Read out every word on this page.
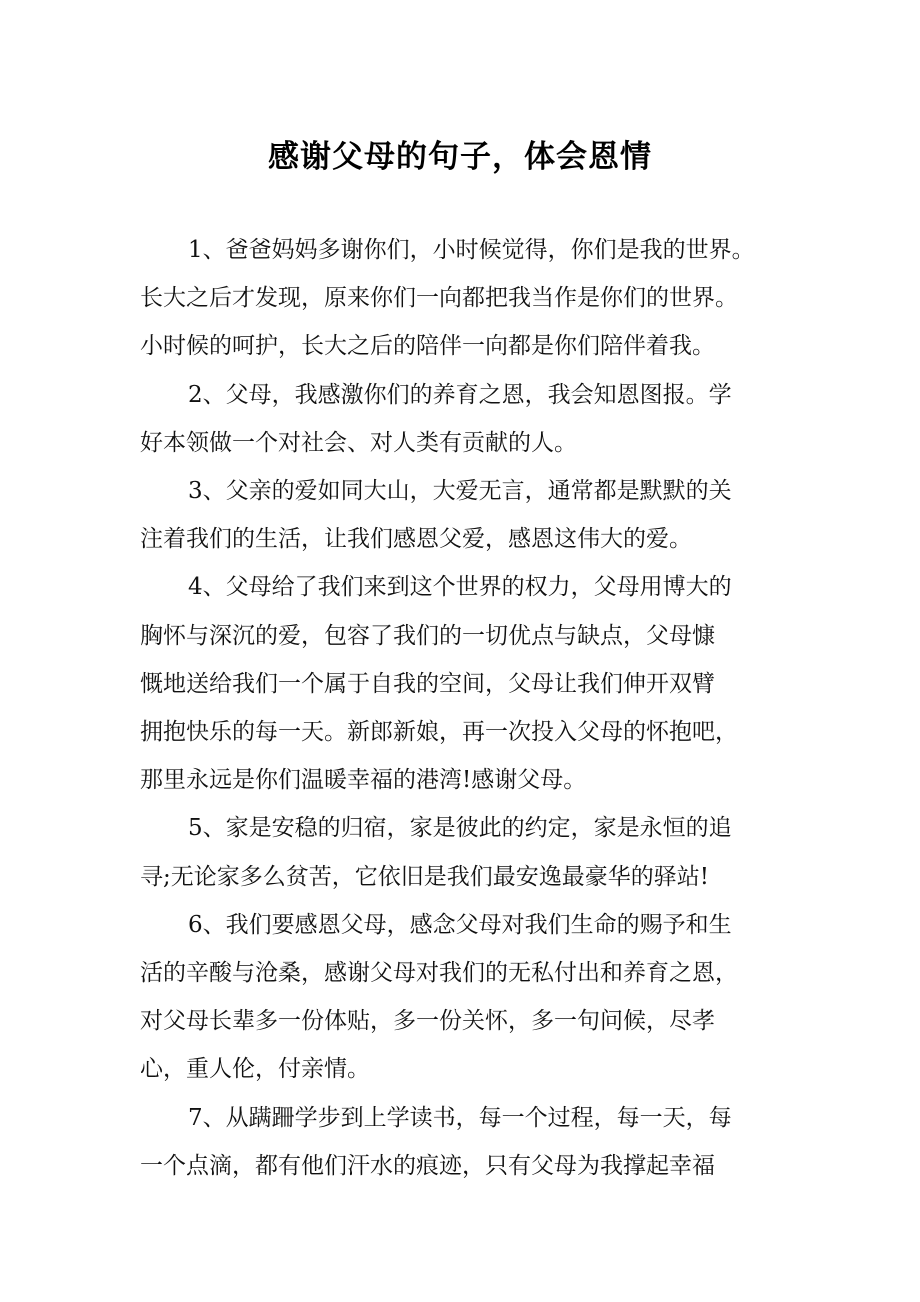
感谢父母的句子，体会恩情

1、爸爸妈妈多谢你们，小时候觉得，你们是我的世界。
长大之后才发现，原来你们一向都把我当作是你们的世界。
小时候的呵护，长大之后的陪伴一向都是你们陪伴着我。

2、父母，我感激你们的养育之恩，我会知恩图报。学
好本领做一个对社会、对人类有贡献的人。

3、父亲的爱如同大山，大爱无言，通常都是默默的关
注着我们的生活，让我们感恩父爱，感恩这伟大的爱。

4、父母给了我们来到这个世界的权力，父母用博大的
胸怀与深沉的爱，包容了我们的一切优点与缺点，父母慷
慨地送给我们一个属于自我的空间，父母让我们伸开双臂
拥抱快乐的每一天。新郎新娘，再一次投入父母的怀抱吧，
那里永远是你们温暖幸福的港湾!感谢父母。

5、家是安稳的归宿，家是彼此的约定，家是永恒的追
寻;无论家多么贫苦，它依旧是我们最安逸最豪华的驿站!

6、我们要感恩父母，感念父母对我们生命的赐予和生
活的辛酸与沧桑，感谢父母对我们的无私付出和养育之恩，
对父母长辈多一份体贴，多一份关怀，多一句问候，尽孝
心，重人伦，付亲情。

7、从蹒跚学步到上学读书，每一个过程，每一天，每
一个点滴，都有他们汗水的痕迹，只有父母为我撑起幸福
